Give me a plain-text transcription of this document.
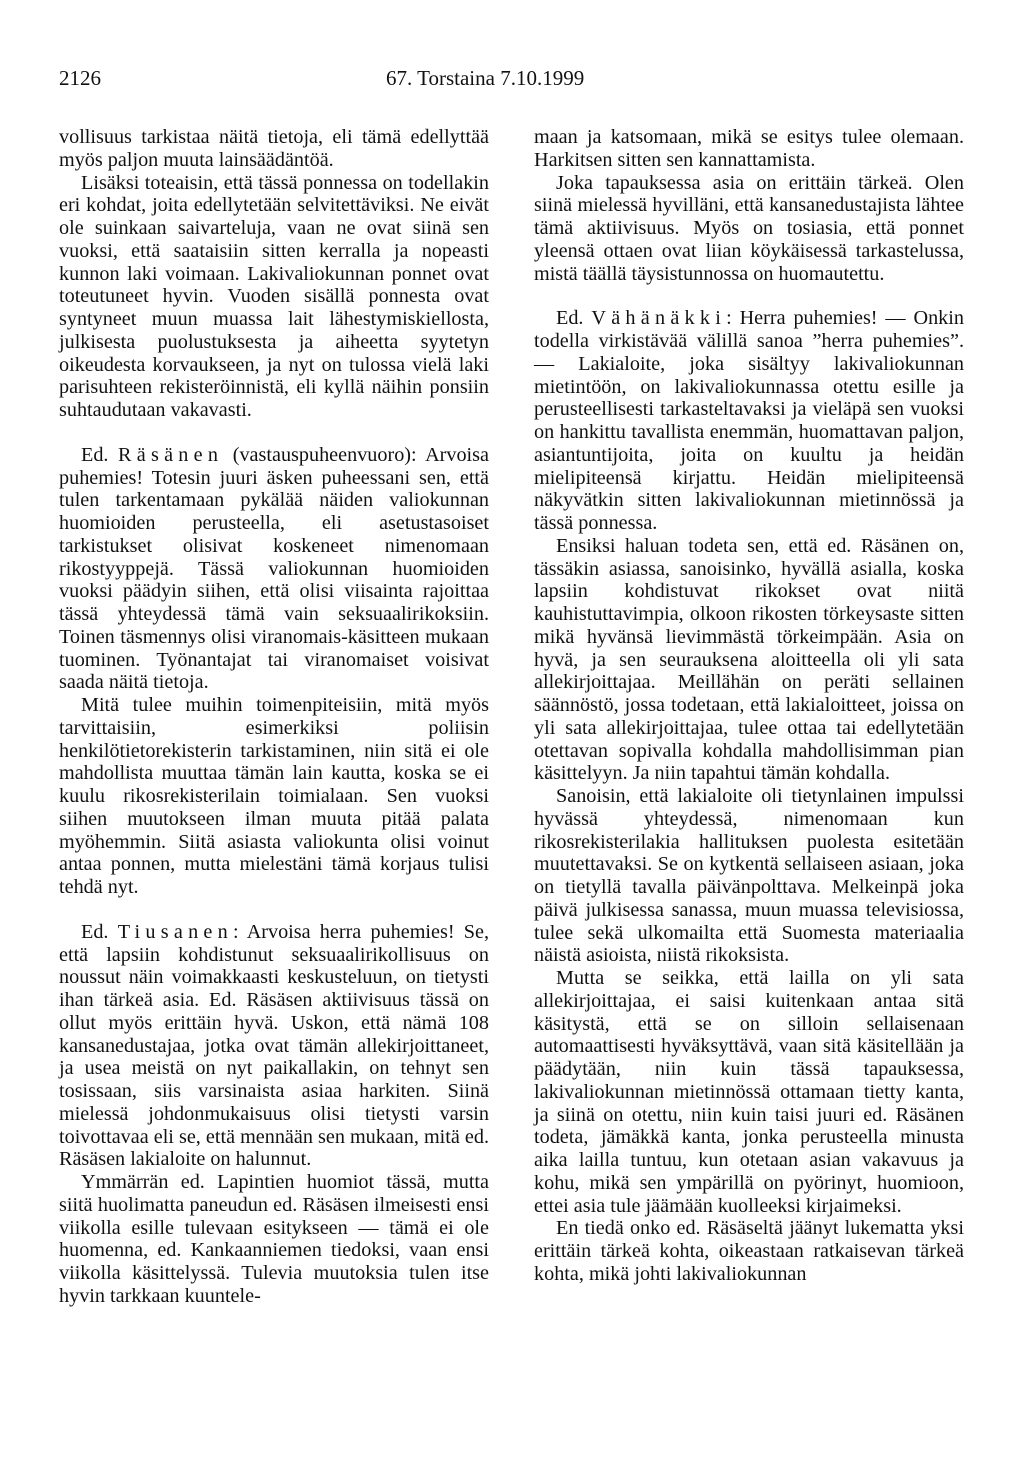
2126	67. Torstaina 7.10.1999

vollisuus tarkistaa näitä tietoja, eli tämä edellyttää myös paljon muuta lainsäädäntöä.

Lisäksi toteaisin, että tässä ponnessa on todellakin eri kohdat, joita edellytetään selvitettäviksi. Ne eivät ole suinkaan saivarteluja, vaan ne ovat siinä sen vuoksi, että saataisiin sitten kerralla ja nopeasti kunnon laki voimaan. Lakivaliokunnan ponnet ovat toteutuneet hyvin. Vuoden sisällä ponnesta ovat syntyneet muun muassa lait lähestymiskiellosta, julkisesta puolustuksesta ja aiheetta syytetyn oikeudesta korvaukseen, ja nyt on tulossa vielä laki parisuhteen rekisteröinnistä, eli kyllä näihin ponsiin suhtaudutaan vakavasti.

Ed. Räsänen (vastauspuheenvuoro): Arvoisa puhemies! Totesin juuri äsken puheessani sen, että tulen tarkentamaan pykälää näiden valiokunnan huomioiden perusteella, eli asetustasoiset tarkistukset olisivat koskeneet nimenomaan rikostyyppejä. Tässä valiokunnan huomioiden vuoksi päädyin siihen, että olisi viisainta rajoittaa tässä yhteydessä tämä vain seksuaalirikoksiin. Toinen täsmennys olisi viranomais-käsitteen mukaan tuominen. Työnantajat tai viranomaiset voisivat saada näitä tietoja.

Mitä tulee muihin toimenpiteisiin, mitä myös tarvittaisiin, esimerkiksi poliisin henkilötietorekisterin tarkistaminen, niin sitä ei ole mahdollista muuttaa tämän lain kautta, koska se ei kuulu rikosrekisterilain toimialaan. Sen vuoksi siihen muutokseen ilman muuta pitää palata myöhemmin. Siitä asiasta valiokunta olisi voinut antaa ponnen, mutta mielestäni tämä korjaus tulisi tehdä nyt.

Ed. Tiusanen: Arvoisa herra puhemies! Se, että lapsiin kohdistunut seksuaalirikollisuus on noussut näin voimakkaasti keskusteluun, on tietysti ihan tärkeä asia. Ed. Räsäsen aktiivisuus tässä on ollut myös erittäin hyvä. Uskon, että nämä 108 kansanedustajaa, jotka ovat tämän allekirjoittaneet, ja usea meistä on nyt paikallakin, on tehnyt sen tosissaan, siis varsinaista asiaa harkiten. Siinä mielessä johdonmukaisuus olisi tietysti varsin toivottavaa eli se, että mennään sen mukaan, mitä ed. Räsäsen lakialoite on halunnut.

Ymmärrän ed. Lapintien huomiot tässä, mutta siitä huolimatta paneudun ed. Räsäsen ilmeisesti ensi viikolla esille tulevaan esitykseen — tämä ei ole huomenna, ed. Kankaanniemen tiedoksi, vaan ensi viikolla käsittelyssä. Tulevia muutoksia tulen itse hyvin tarkkaan kuuntele-

maan ja katsomaan, mikä se esitys tulee olemaan. Harkitsen sitten sen kannattamista.

Joka tapauksessa asia on erittäin tärkeä. Olen siinä mielessä hyvilläni, että kansanedustajista lähtee tämä aktiivisuus. Myös on tosiasia, että ponnet yleensä ottaen ovat liian köykäisessä tarkastelussa, mistä täällä täysistunnossa on huomautettu.

Ed. Vähänäkki: Herra puhemies! — Onkin todella virkistävää välillä sanoa ”herra puhemies”. — Lakialoite, joka sisältyy lakivaliokunnan mietintöön, on lakivaliokunnassa otettu esille ja perusteellisesti tarkasteltavaksi ja vieläpä sen vuoksi on hankittu tavallista enemmän, huomattavan paljon, asiantuntijoita, joita on kuultu ja heidän mielipiteensä kirjattu. Heidän mielipiteensä näkyvätkin sitten lakivaliokunnan mietinnössä ja tässä ponnessa.

Ensiksi haluan todeta sen, että ed. Räsänen on, tässäkin asiassa, sanoisinko, hyvällä asialla, koska lapsiin kohdistuvat rikokset ovat niitä kauhistuttavimpia, olkoon rikosten törkeysaste sitten mikä hyvänsä lievimmästä törkeimpään. Asia on hyvä, ja sen seurauksena aloitteella oli yli sata allekirjoittajaa. Meillähän on peräti sellainen säännöstö, jossa todetaan, että lakialoitteet, joissa on yli sata allekirjoittajaa, tulee ottaa tai edellytetään otettavan sopivalla kohdalla mahdollisimman pian käsittelyyn. Ja niin tapahtui tämän kohdalla.

Sanoisin, että lakialoite oli tietynlainen impulssi hyvässä yhteydessä, nimenomaan kun rikosrekisterilakia hallituksen puolesta esitetään muutettavaksi. Se on kytkentä sellaiseen asiaan, joka on tietyllä tavalla päivänpolttava. Melkeinpä joka päivä julkisessa sanassa, muun muassa televisiossa, tulee sekä ulkomailta että Suomesta materiaalia näistä asioista, niistä rikoksista.

Mutta se seikka, että lailla on yli sata allekirjoittajaa, ei saisi kuitenkaan antaa sitä käsitystä, että se on silloin sellaisenaan automaattisesti hyväksyttävä, vaan sitä käsitellään ja päädytään, niin kuin tässä tapauksessa, lakivaliokunnan mietinnössä ottamaan tietty kanta, ja siinä on otettu, niin kuin taisi juuri ed. Räsänen todeta, jämäkkä kanta, jonka perusteella minusta aika lailla tuntuu, kun otetaan asian vakavuus ja kohu, mikä sen ympärillä on pyörinyt, huomioon, ettei asia tule jäämään kuolleeksi kirjaimeksi.

En tiedä onko ed. Räsäseltä jäänyt lukematta yksi erittäin tärkeä kohta, oikeastaan ratkaisevan tärkeä kohta, mikä johti lakivaliokunnan
